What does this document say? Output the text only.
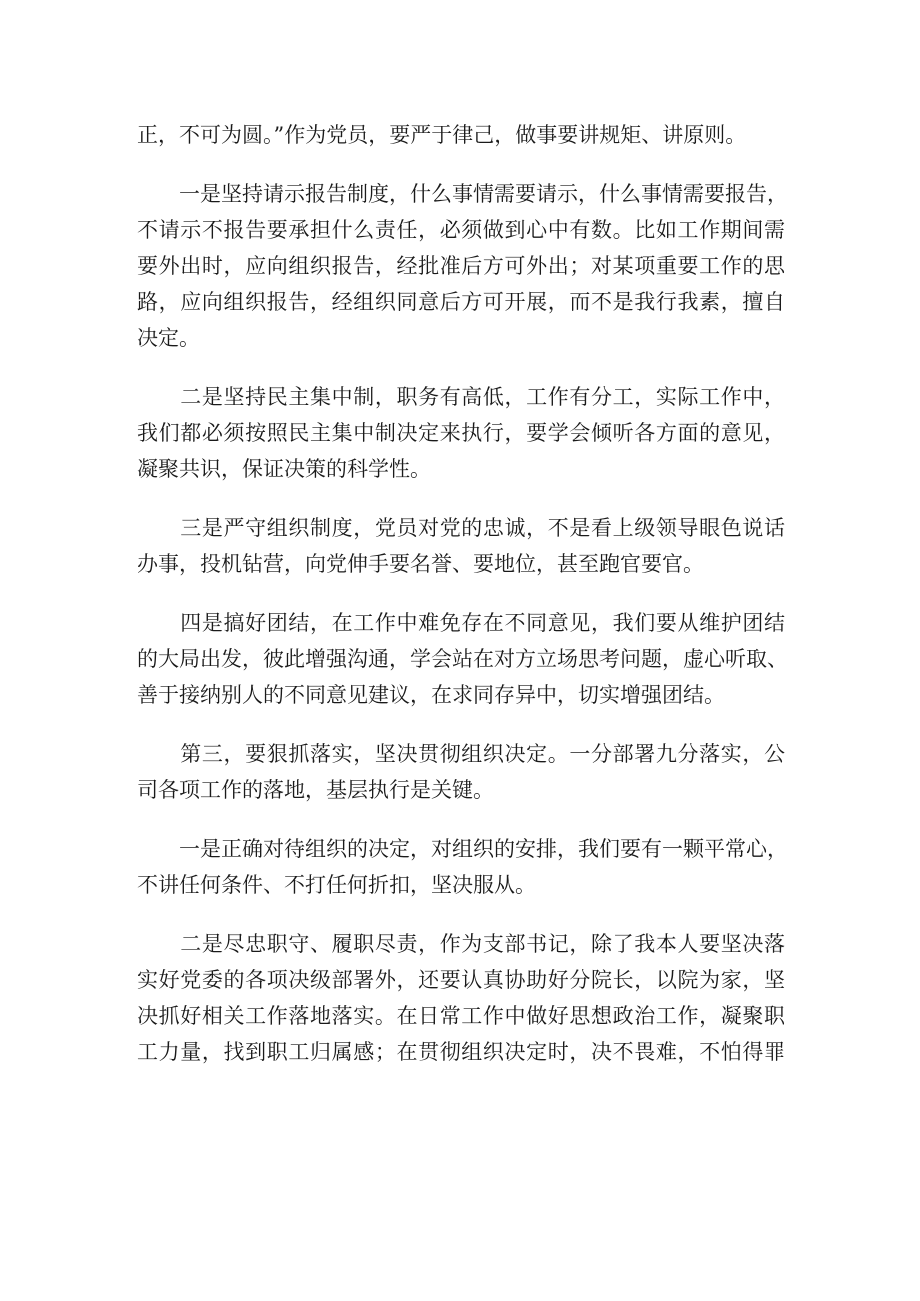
正，不可为圆。”作为党员，要严于律己，做事要讲规矩、讲原则。

　　一是坚持请示报告制度，什么事情需要请示，什么事情需要报告，
不请示不报告要承担什么责任，必须做到心中有数。比如工作期间需
要外出时，应向组织报告，经批准后方可外出；对某项重要工作的思
路，应向组织报告，经组织同意后方可开展，而不是我行我素，擅自
决定。

　　二是坚持民主集中制，职务有高低，工作有分工，实际工作中，
我们都必须按照民主集中制决定来执行，要学会倾听各方面的意见，
凝聚共识，保证决策的科学性。

　　三是严守组织制度，党员对党的忠诚，不是看上级领导眼色说话
办事，投机钻营，向党伸手要名誉、要地位，甚至跑官要官。

　　四是搞好团结，在工作中难免存在不同意见，我们要从维护团结
的大局出发，彼此增强沟通，学会站在对方立场思考问题，虚心听取、
善于接纳别人的不同意见建议，在求同存异中，切实增强团结。

　　第三，要狠抓落实，坚决贯彻组织决定。一分部署九分落实，公
司各项工作的落地，基层执行是关键。

　　一是正确对待组织的决定，对组织的安排，我们要有一颗平常心，
不讲任何条件、不打任何折扣，坚决服从。

　　二是尽忠职守、履职尽责，作为支部书记，除了我本人要坚决落
实好党委的各项决级部署外，还要认真协助好分院长，以院为家，坚
决抓好相关工作落地落实。在日常工作中做好思想政治工作，凝聚职
工力量，找到职工归属感；在贯彻组织决定时，决不畏难，不怕得罪
